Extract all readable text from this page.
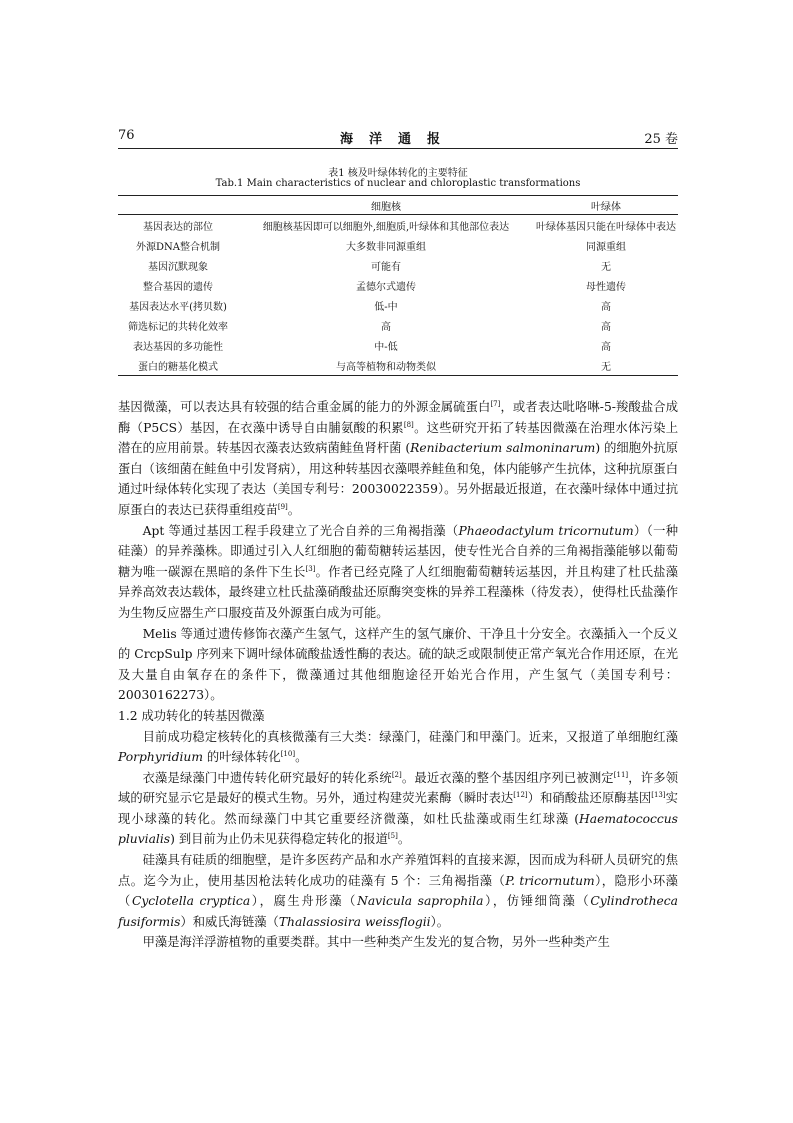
76	海洋通报	25 卷
表1 核及叶绿体转化的主要特征
Tab.1 Main characteristics of nuclear and chloroplastic transformations
	细胞核	叶绿体
基因表达的部位	细胞核基因即可以细胞外,细胞质,叶绿体和其他部位表达	叶绿体基因只能在叶绿体中表达
外源DNA整合机制	大多数非同源重组	同源重组
基因沉默现象	可能有	无
整合基因的遗传	孟德尔式遗传	母性遗传
基因表达水平(拷贝数)	低-中	高
筛选标记的共转化效率	高	高
表达基因的多功能性	中-低	高
蛋白的糖基化模式	与高等植物和动物类似	无

基因微藻，可以表达具有较强的结合重金属的能力的外源金属硫蛋白[7]，或者表达吡咯啉-5-羧酸盐合成酶（P5CS）基因，在衣藻中诱导自由脯氨酸的积累[8]。这些研究开拓了转基因微藻在治理水体污染上潜在的应用前景。转基因衣藻表达致病菌鲑鱼肾杆菌 (Renibacterium salmoninarum) 的细胞外抗原蛋白（该细菌在鲑鱼中引发肾病），用这种转基因衣藻喂养鲑鱼和兔，体内能够产生抗体，这种抗原蛋白通过叶绿体转化实现了表达（美国专利号：20030022359）。另外据最近报道，在衣藻叶绿体中通过抗原蛋白的表达已获得重组疫苗[9]。

Apt 等通过基因工程手段建立了光合自养的三角褐指藻（Phaeodactylum tricornutum）（一种硅藻）的异养藻株。即通过引入人红细胞的葡萄糖转运基因，使专性光合自养的三角褐指藻能够以葡萄糖为唯一碳源在黑暗的条件下生长[3]。作者已经克隆了人红细胞葡萄糖转运基因，并且构建了杜氏盐藻异养高效表达载体，最终建立杜氏盐藻硝酸盐还原酶突变株的异养工程藻株（待发表），使得杜氏盐藻作为生物反应器生产口服疫苗及外源蛋白成为可能。

Melis 等通过遗传修饰衣藻产生氢气，这样产生的氢气廉价、干净且十分安全。衣藻插入一个反义的 CrcpSulp 序列来下调叶绿体硫酸盐透性酶的表达。硫的缺乏或限制使正常产氧光合作用还原，在光及大量自由氧存在的条件下，微藻通过其他细胞途径开始光合作用，产生氢气（美国专利号：20030162273）。

1.2 成功转化的转基因微藻

目前成功稳定核转化的真核微藻有三大类：绿藻门，硅藻门和甲藻门。近来，又报道了单细胞红藻 Porphyridium 的叶绿体转化[10]。

衣藻是绿藻门中遗传转化研究最好的转化系统[2]。最近衣藻的整个基因组序列已被测定[11]，许多领域的研究显示它是最好的模式生物。另外，通过构建荧光素酶（瞬时表达[12]）和硝酸盐还原酶基因[13]实现小球藻的转化。然而绿藻门中其它重要经济微藻，如杜氏盐藻或雨生红球藻 (Haematococcus pluvialis) 到目前为止仍未见获得稳定转化的报道[5]。

硅藻具有硅质的细胞壁，是许多医药产品和水产养殖饵料的直接来源，因而成为科研人员研究的焦点。迄今为止，使用基因枪法转化成功的硅藻有 5 个：三角褐指藻（P. tricornutum），隐形小环藻（Cyclotella cryptica），腐生舟形藻（Navicula saprophila），仿锤细筒藻（Cylindrotheca fusiformis）和威氏海链藻（Thalassiosira weissflogii）。

甲藻是海洋浮游植物的重要类群。其中一些种类产生发光的复合物，另外一些种类产生
